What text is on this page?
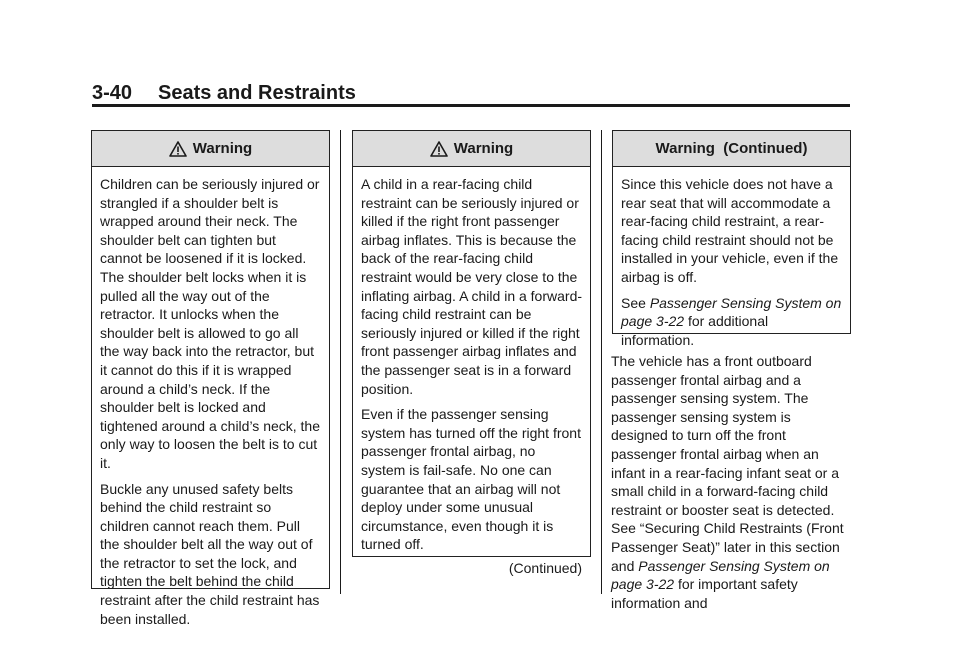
3-40 Seats and Restraints
Warning

Children can be seriously injured or strangled if a shoulder belt is wrapped around their neck. The shoulder belt can tighten but cannot be loosened if it is locked. The shoulder belt locks when it is pulled all the way out of the retractor. It unlocks when the shoulder belt is allowed to go all the way back into the retractor, but it cannot do this if it is wrapped around a child’s neck. If the shoulder belt is locked and tightened around a child’s neck, the only way to loosen the belt is to cut it.

Buckle any unused safety belts behind the child restraint so children cannot reach them. Pull the shoulder belt all the way out of the retractor to set the lock, and tighten the belt behind the child restraint after the child restraint has been installed.

Warning

A child in a rear-facing child restraint can be seriously injured or killed if the right front passenger airbag inflates. This is because the back of the rear-facing child restraint would be very close to the inflating airbag. A child in a forward-facing child restraint can be seriously injured or killed if the right front passenger airbag inflates and the passenger seat is in a forward position.

Even if the passenger sensing system has turned off the right front passenger frontal airbag, no system is fail-safe. No one can guarantee that an airbag will not deploy under some unusual circumstance, even though it is turned off.

(Continued)
Warning  (Continued)

Since this vehicle does not have a rear seat that will accommodate a rear-facing child restraint, a rear-facing child restraint should not be installed in your vehicle, even if the airbag is off.

See Passenger Sensing System on page 3-22 for additional information.

The vehicle has a front outboard passenger frontal airbag and a passenger sensing system. The passenger sensing system is designed to turn off the front passenger frontal airbag when an infant in a rear-facing infant seat or a small child in a forward-facing child restraint or booster seat is detected. See “Securing Child Restraints (Front Passenger Seat)” later in this section and Passenger Sensing System on page 3-22 for important safety information and
